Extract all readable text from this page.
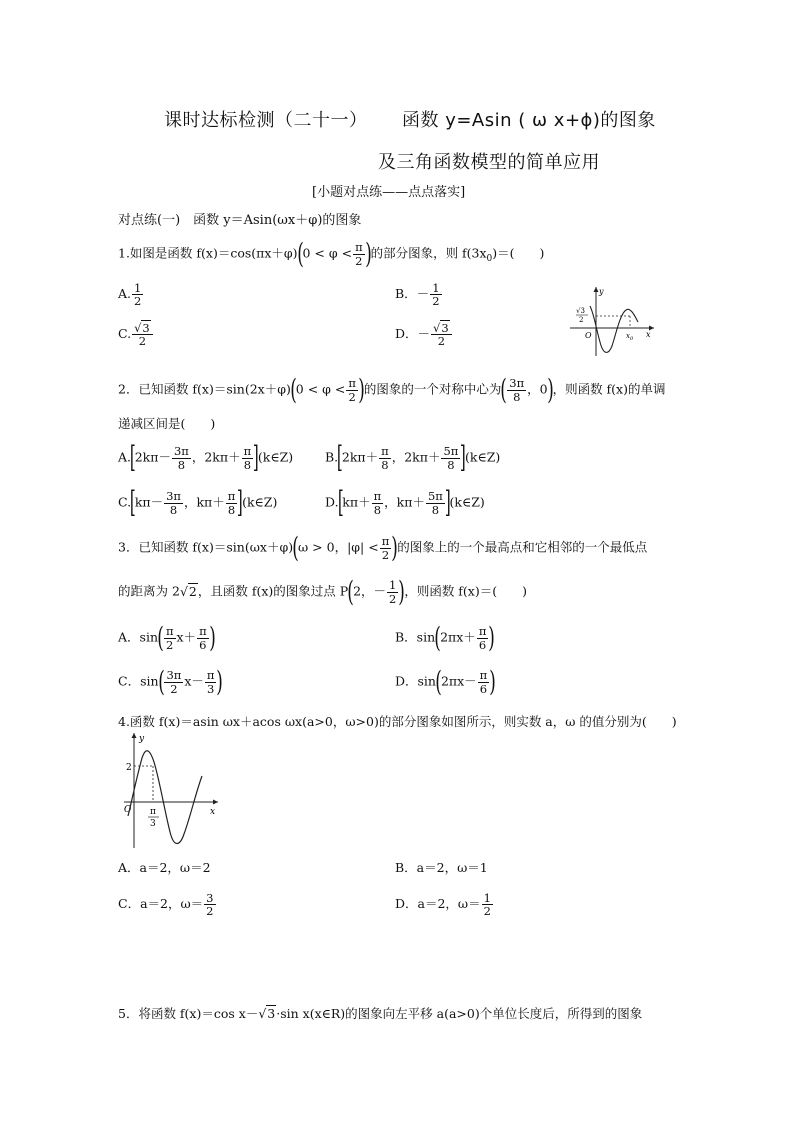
课时达标检测（二十一） 函数 y=Asin ( ω x+ϕ)的图象
及三角函数模型的简单应用
[小题对点练——点点落实]
对点练(一)　函数 y＝Asin(ωx＋φ)的图象
1.如图是函数 $f(x)=\cos(\pi x+\varphi)(0 < \varphi < \frac{\pi}{2}$ )的部分图象，则 $f(3x_0)=$(　　)
A. $\frac{1}{2}$	B．－ $\frac{1}{2}$
C. $\frac{√3}{2}$	D．－ $\frac{√3}{2}$
y
x
O
√3
2
$x_0$
2．已知函数 $f(x)=\sin(2x+\varphi)(0 < \varphi < \frac{\pi}{2}$ )的图象的一个对称中心为( $\frac{3\pi}{8}$ ，0)，则函数 f(x)的单调
递减区间是(　　)
$A.[2k\pi- \frac{3\pi}{8}$ ，$2k\pi+ \frac{\pi}{8}$ ](k∈Z)	$B.[2k\pi+ \frac{\pi}{8}$ ，$2k\pi+ \frac{5\pi}{8}$ ](k∈Z)
$C.[k\pi- \frac{3\pi}{8}$ ，$k\pi+ \frac{\pi}{8}$ ](k∈Z)	$D.[k\pi+ \frac{\pi}{8}$ ，$k\pi+ \frac{5\pi}{8}$ ](k∈Z)
3．已知函数 f(x)＝sin(ωx＋φ)(ω > 0，$|\varphi| < \frac{\pi}{2}$ )的图象上的一个最高点和它相邻的一个最低点
的距离为 2√2，且函数 f(x)的图象过点 P(2，－ $\frac{1}{2}$ )，则函数 f(x)＝(　　)
A．$\sin( \frac{\pi}{2} x+ \frac{\pi}{6}$ )	B．$\sin(2\pi x+ \frac{\pi}{6}$ )
C．$\sin( \frac{3\pi}{2} x- \frac{\pi}{3}$ )	D．$\sin(2\pi x- \frac{\pi}{6}$ )
4.函数 f(x)＝asin ωx＋acos ωx(a>0，ω>0)的部分图象如图所示，则实数 a，ω 的值分别为(　　)
y
x
O
2
π
3
A．a＝2，ω＝2	B．a＝2，ω＝1
C．a＝2，$\omega= \frac{3}{2}$	D．a＝2，$\omega= \frac{1}{2}$
5．将函数 f(x)＝cos x－√3·sin x(x∈R)的图象向左平移 a(a>0)个单位长度后，所得到的图象
